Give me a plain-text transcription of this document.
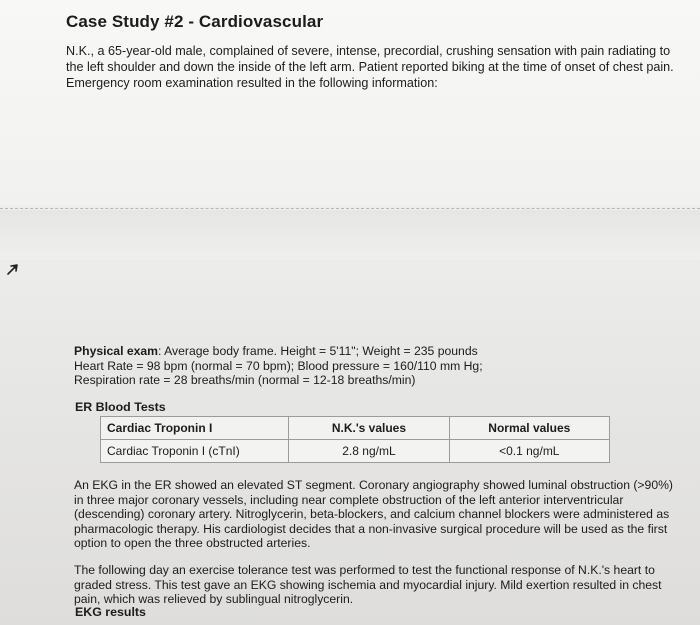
Case Study #2 - Cardiovascular

N.K., a 65-year-old male, complained of severe, intense, precordial, crushing sensation with pain radiating to the left shoulder and down the inside of the left arm. Patient reported biking at the time of onset of chest pain. Emergency room examination resulted in the following information:

Physical exam: Average body frame. Height = 5'11"; Weight = 235 pounds
Heart Rate = 98 bpm (normal = 70 bpm); Blood pressure = 160/110 mm Hg;
Respiration rate = 28 breaths/min (normal = 12-18 breaths/min)
ER Blood Tests
Cardiac Troponin I	N.K.'s values	Normal values
Cardiac Troponin I (cTnI)	2.8 ng/mL	<0.1 ng/mL

An EKG in the ER showed an elevated ST segment. Coronary angiography showed luminal obstruction (>90%) in three major coronary vessels, including near complete obstruction of the left anterior interventricular (descending) coronary artery. Nitroglycerin, beta-blockers, and calcium channel blockers were administered as pharmacologic therapy. His cardiologist decides that a non-invasive surgical procedure will be used as the first option to open the three obstructed arteries.

The following day an exercise tolerance test was performed to test the functional response of N.K.'s heart to graded stress. This test gave an EKG showing ischemia and myocardial injury. Mild exertion resulted in chest pain, which was relieved by sublingual nitroglycerin.

EKG results
